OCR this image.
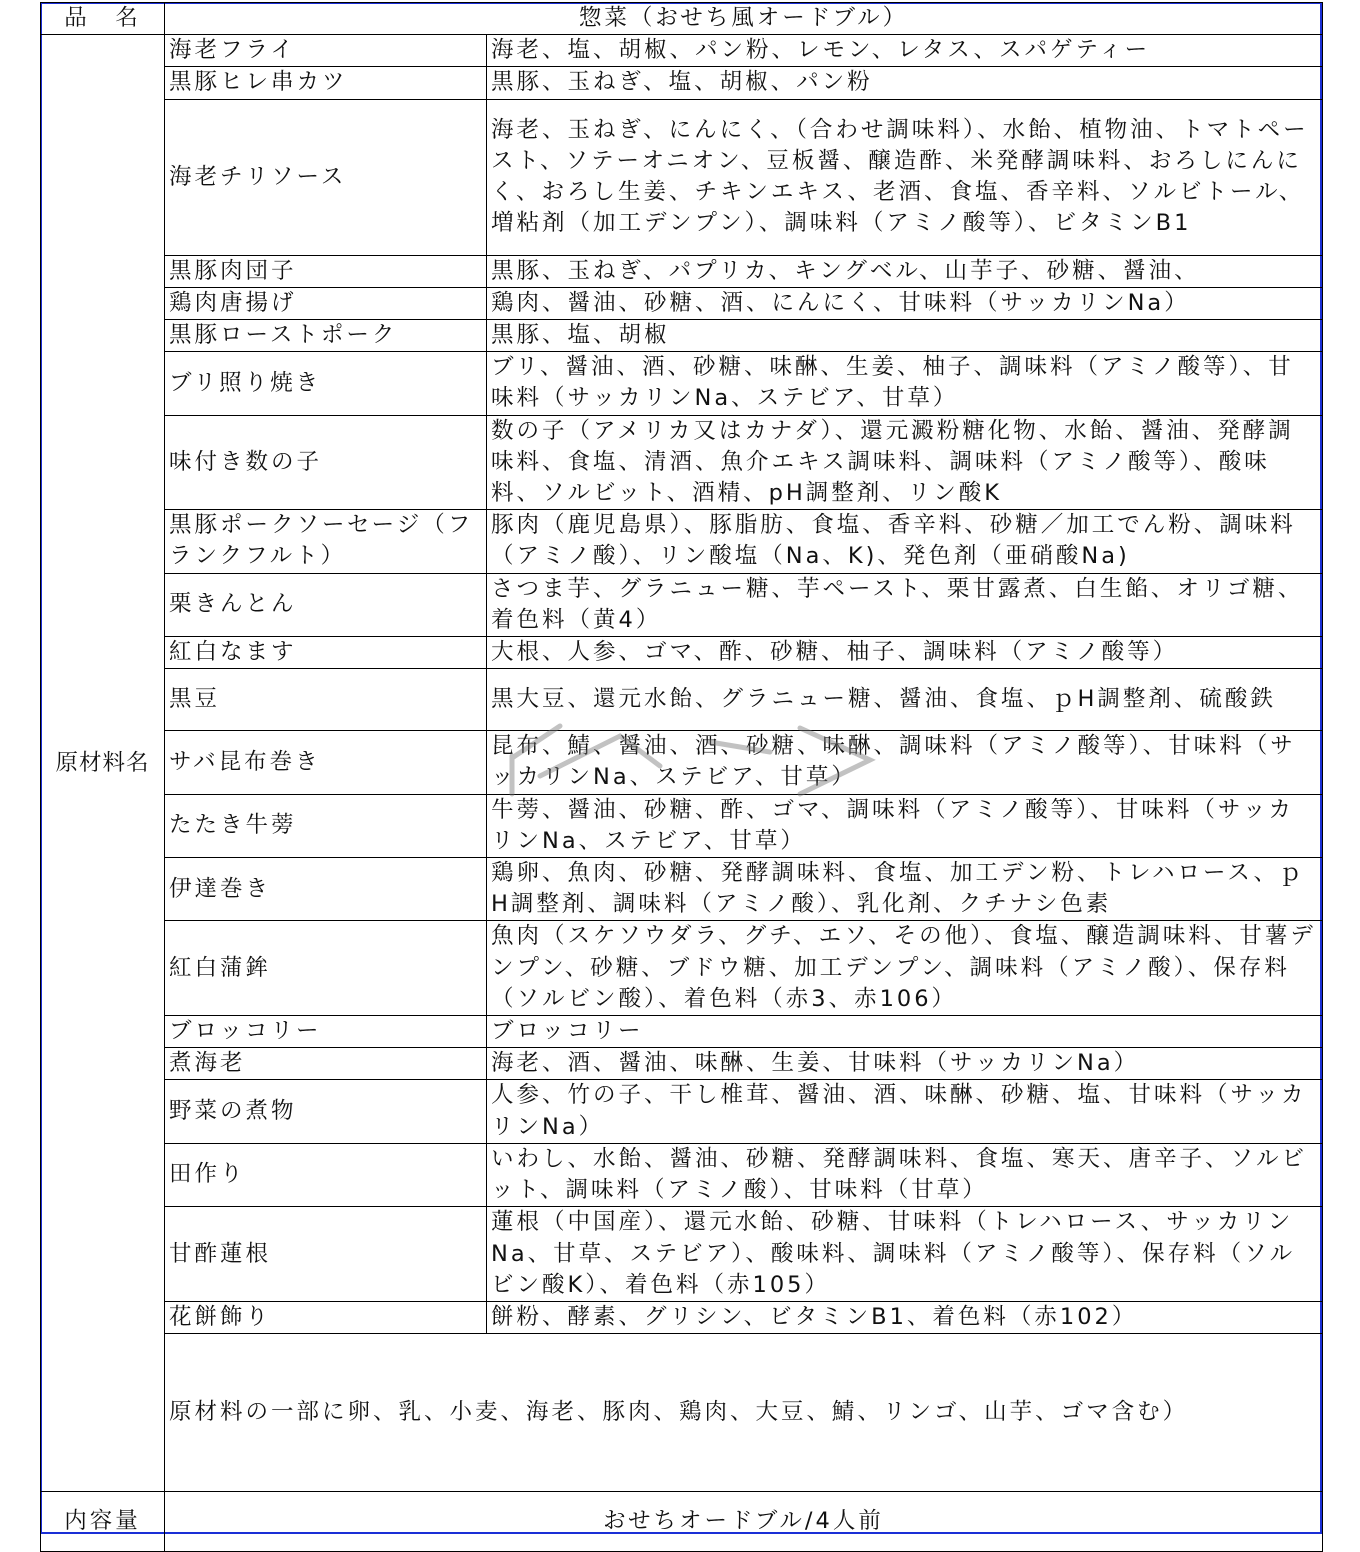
品　名	惣菜（おせち風オードブル）	
原材料名	海老フライ	海老、塩、胡椒、パン粉、レモン、レタス、スパゲティー
	黒豚ヒレ串カツ	黒豚、玉ねぎ、塩、胡椒、パン粉
	海老チリソース	海老、玉ねぎ、にんにく、（合わせ調味料）、水飴、植物油、トマトペースト、ソテーオニオン、豆板醤、醸造酢、米発酵調味料、おろしにんにく、おろし生姜、チキンエキス、老酒、食塩、香辛料、ソルビトール、増粘剤（加工デンプン）、調味料（アミノ酸等）、ビタミンB1
	黒豚肉団子	黒豚、玉ねぎ、パプリカ、キングベル、山芋子、砂糖、醤油、
	鶏肉唐揚げ	鶏肉、醤油、砂糖、酒、にんにく、甘味料（サッカリンNa）
	黒豚ローストポーク	黒豚、塩、胡椒
	ブリ照り焼き	ブリ、醤油、酒、砂糖、味醂、生姜、柚子、調味料（アミノ酸等）、甘味料（サッカリンNa、ステビア、甘草）
	味付き数の子	数の子（アメリカ又はカナダ）、還元澱粉糖化物、水飴、醤油、発酵調味料、食塩、清酒、魚介エキス調味料、調味料（アミノ酸等）、酸味料、ソルビット、酒精、pH調整剤、リン酸K
	黒豚ポークソーセージ（フランクフルト）	豚肉（鹿児島県）、豚脂肪、食塩、香辛料、砂糖／加工でん粉、調味料（アミノ酸）、リン酸塩（Na、K)、発色剤（亜硝酸Na)
	栗きんとん	さつま芋、グラニュー糖、芋ペースト、栗甘露煮、白生餡、オリゴ糖、着色料（黄4）
	紅白なます	大根、人参、ゴマ、酢、砂糖、柚子、調味料（アミノ酸等）
	黒豆	黒大豆、還元水飴、グラニュー糖、醤油、食塩、ｐH調整剤、硫酸鉄
	サバ昆布巻き	昆布、鯖、醤油、酒、砂糖、味醂、調味料（アミノ酸等）、甘味料（サッカリンNa、ステビア、甘草）
	たたき牛蒡	牛蒡、醤油、砂糖、酢、ゴマ、調味料（アミノ酸等）、甘味料（サッカリンNa、ステビア、甘草）
	伊達巻き	鶏卵、魚肉、砂糖、発酵調味料、食塩、加工デン粉、トレハロース、ｐH調整剤、調味料（アミノ酸）、乳化剤、クチナシ色素
	紅白蒲鉾	魚肉（スケソウダラ、グチ、エソ、その他）、食塩、醸造調味料、甘薯デンプン、砂糖、ブドウ糖、加工デンプン、調味料（アミノ酸）、保存料（ソルビン酸）、着色料（赤3、赤106）
	ブロッコリー	ブロッコリー
	煮海老	海老、酒、醤油、味醂、生姜、甘味料（サッカリンNa）
	野菜の煮物	人参、竹の子、干し椎茸、醤油、酒、味醂、砂糖、塩、甘味料（サッカリンNa）
	田作り	いわし、水飴、醤油、砂糖、発酵調味料、食塩、寒天、唐辛子、ソルビット、調味料（アミノ酸）、甘味料（甘草）
	甘酢蓮根	蓮根（中国産）、還元水飴、砂糖、甘味料（トレハロース、サッカリンNa、甘草、ステビア）、酸味料、調味料（アミノ酸等）、保存料（ソルビン酸K）、着色料（赤105）
	花餅飾り	餅粉、酵素、グリシン、ビタミンB1、着色料（赤102）
	原材料の一部に卵、乳、小麦、海老、豚肉、鶏肉、大豆、鯖、リンゴ、山芋、ゴマ含む）	
内容量	おせちオードブル/4人前	
